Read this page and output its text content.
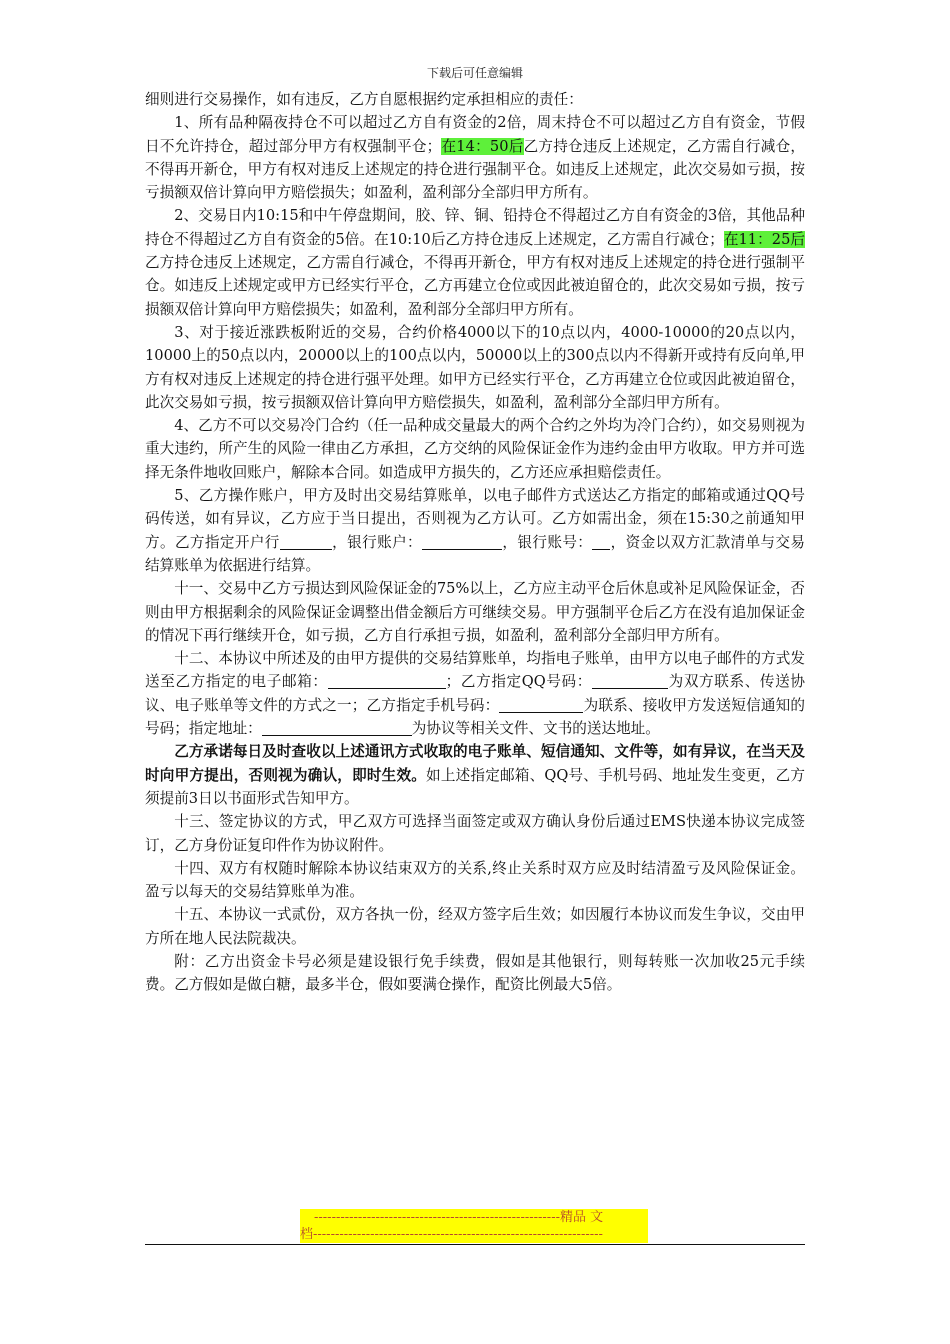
下载后可任意编辑

细则进行交易操作，如有违反，乙方自愿根据约定承担相应的责任：

1、所有品种隔夜持仓不可以超过乙方自有资金的2倍，周末持仓不可以超过乙方自有资金，节假日不允许持仓，超过部分甲方有权强制平仓；在14：50后乙方持仓违反上述规定，乙方需自行减仓，不得再开新仓，甲方有权对违反上述规定的持仓进行强制平仓。如违反上述规定，此次交易如亏损，按亏损额双倍计算向甲方赔偿损失；如盈利，盈利部分全部归甲方所有。

2、交易日内10:15和中午停盘期间，胶、锌、铜、铅持仓不得超过乙方自有资金的3倍，其他品种持仓不得超过乙方自有资金的5倍。在10:10后乙方持仓违反上述规定，乙方需自行减仓；在11：25后乙方持仓违反上述规定，乙方需自行减仓，不得再开新仓，甲方有权对违反上述规定的持仓进行强制平仓。如违反上述规定或甲方已经实行平仓，乙方再建立仓位或因此被迫留仓的，此次交易如亏损，按亏损额双倍计算向甲方赔偿损失；如盈利，盈利部分全部归甲方所有。

3、对于接近涨跌板附近的交易，合约价格4000以下的10点以内，4000-10000的20点以内，10000上的50点以内，20000以上的100点以内，50000以上的300点以内不得新开或持有反向单,甲方有权对违反上述规定的持仓进行强平处理。如甲方已经实行平仓，乙方再建立仓位或因此被迫留仓，此次交易如亏损，按亏损额双倍计算向甲方赔偿损失，如盈利，盈利部分全部归甲方所有。

4、乙方不可以交易冷门合约（任一品种成交量最大的两个合约之外均为冷门合约），如交易则视为重大违约，所产生的风险一律由乙方承担，乙方交纳的风险保证金作为违约金由甲方收取。甲方并可选择无条件地收回账户，解除本合同。如造成甲方损失的，乙方还应承担赔偿责任。

5、乙方操作账户，甲方及时出交易结算账单，以电子邮件方式送达乙方指定的邮箱或通过QQ号码传送，如有异议，乙方应于当日提出，否则视为乙方认可。乙方如需出金，须在15:30之前通知甲方。乙方指定开户行	，银行账户：	，银行账号： ，资金以双方汇款清单与交易结算账单为依据进行结算。

十一、交易中乙方亏损达到风险保证金的75%以上，乙方应主动平仓后休息或补足风险保证金，否则由甲方根据剩余的风险保证金调整出借金额后方可继续交易。甲方强制平仓后乙方在没有追加保证金的情况下再行继续开仓，如亏损，乙方自行承担亏损，如盈利，盈利部分全部归甲方所有。

十二、本协议中所述及的由甲方提供的交易结算账单，均指电子账单，由甲方以电子邮件的方式发送至乙方指定的电子邮箱：	；乙方指定QQ号码：	为双方联系、传送协议、电子账单等文件的方式之一；乙方指定手机号码：	为联系、接收甲方发送短信通知的号码；指定地址：	为协议等相关文件、文书的送达地址。

乙方承诺每日及时查收以上述通讯方式收取的电子账单、短信通知、文件等，如有异议，在当天及时向甲方提出，否则视为确认，即时生效。如上述指定邮箱、QQ号、手机号码、地址发生变更，乙方须提前3日以书面形式告知甲方。

十三、签定协议的方式，甲乙双方可选择当面签定或双方确认身份后通过EMS快递本协议完成签订，乙方身份证复印件作为协议附件。

十四、双方有权随时解除本协议结束双方的关系,终止关系时双方应及时结清盈亏及风险保证金。盈亏以每天的交易结算账单为准。

十五、本协议一式贰份，双方各执一份，经双方签字后生效；如因履行本协议而发生争议，交由甲方所在地人民法院裁决。

附：乙方出资金卡号必须是建设银行免手续费，假如是其他银行，则每转账一次加收25元手续费。乙方假如是做白糖，最多半仓，假如要满仓操作，配资比例最大5倍。

--------------------------------------------------------精品 文
档------------------------------------------------------------------
